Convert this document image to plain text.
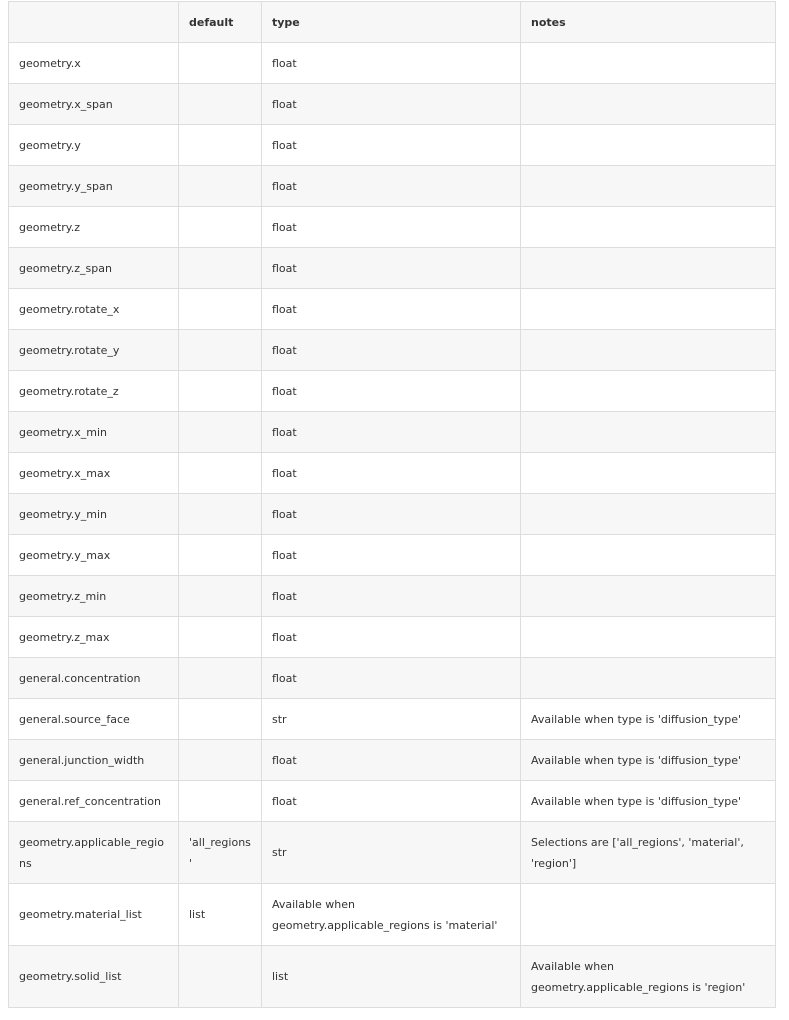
	default	type	notes
geometry.x		float	
geometry.x_span		float	
geometry.y		float	
geometry.y_span		float	
geometry.z		float	
geometry.z_span		float	
geometry.rotate_x		float	
geometry.rotate_y		float	
geometry.rotate_z		float	
geometry.x_min		float	
geometry.x_max		float	
geometry.y_min		float	
geometry.y_max		float	
geometry.z_min		float	
geometry.z_max		float	
general.concentration		float	
general.source_face		str	Available when type is 'diffusion_type'
general.junction_width		float	Available when type is 'diffusion_type'
general.ref_concentration		float	Available when type is 'diffusion_type'
geometry.applicable_regions	'all_regions'	str	Selections are ['all_regions', 'material', 'region']
geometry.material_list	list	Available when geometry.applicable_regions is 'material'	
geometry.solid_list		list	Available when geometry.applicable_regions is 'region'
